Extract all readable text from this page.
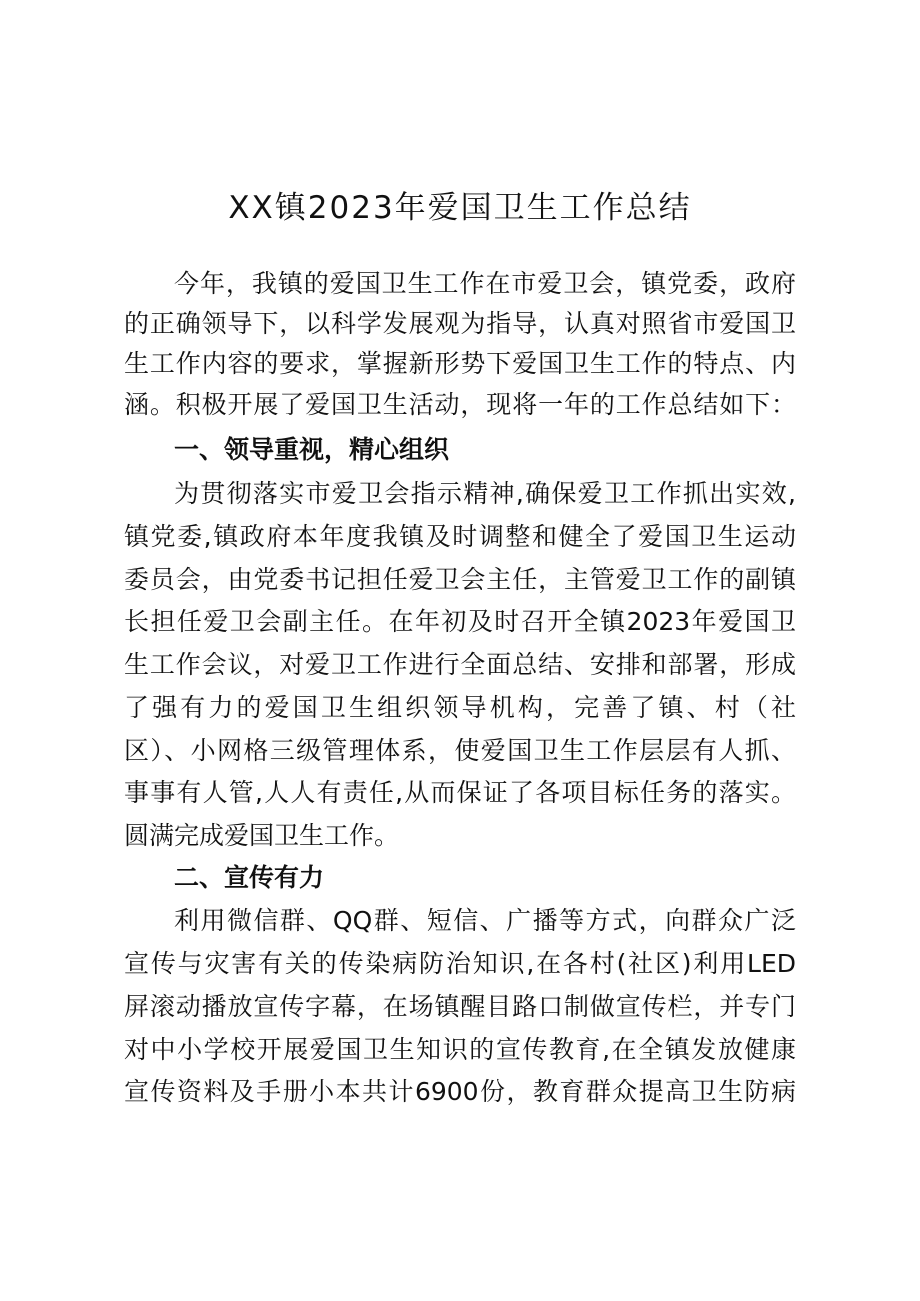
XX镇2023年爱国卫生工作总结

今年，我镇的爱国卫生工作在市爱卫会，镇党委，政府

的正确领导下，以科学发展观为指导，认真对照省市爱国卫

生工作内容的要求，掌握新形势下爱国卫生工作的特点、内

涵。积极开展了爱国卫生活动，现将一年的工作总结如下：

一、领导重视，精心组织

为贯彻落实市爱卫会指示精神,确保爱卫工作抓出实效,

镇党委,镇政府本年度我镇及时调整和健全了爱国卫生运动

委员会，由党委书记担任爱卫会主任，主管爱卫工作的副镇

长担任爱卫会副主任。在年初及时召开全镇2023年爱国卫

生工作会议，对爱卫工作进行全面总结、安排和部署，形成

了强有力的爱国卫生组织领导机构，完善了镇、村（社

区）、小网格三级管理体系，使爱国卫生工作层层有人抓、

事事有人管,人人有责任,从而保证了各项目标任务的落实。

圆满完成爱国卫生工作。

二、宣传有力

利用微信群、QQ群、短信、广播等方式，向群众广泛

宣传与灾害有关的传染病防治知识,在各村(社区)利用LED

屏滚动播放宣传字幕，在场镇醒目路口制做宣传栏，并专门

对中小学校开展爱国卫生知识的宣传教育,在全镇发放健康

宣传资料及手册小本共计6900份，教育群众提高卫生防病
